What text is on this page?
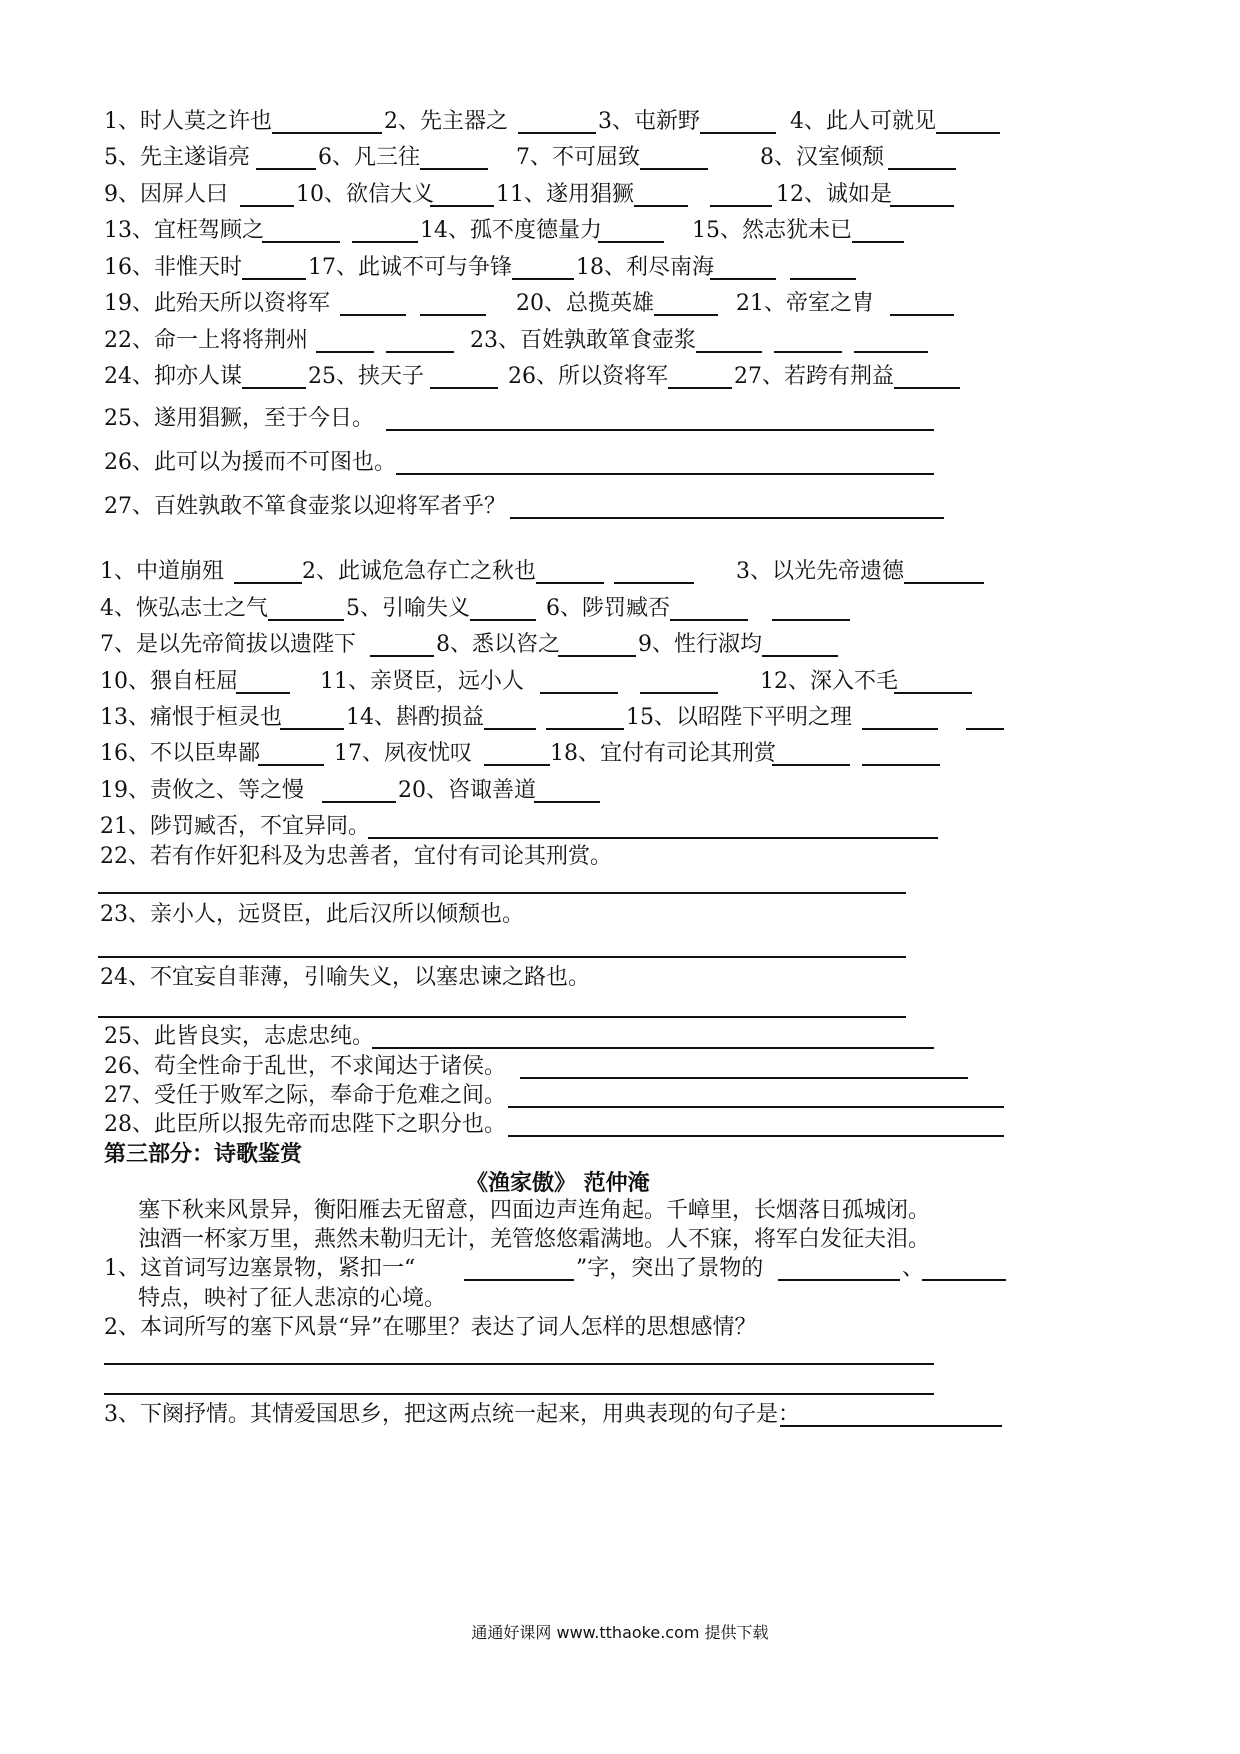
1、时人莫之许也	2、先主器之	3、屯新野	4、此人可就见
5、先主遂诣亮	6、凡三往	7、不可屈致	8、汉室倾颓
9、因屏人曰	10、欲信大义	11、遂用猖獗	12、诚如是
13、宜枉驾顾之	14、孤不度德量力	15、然志犹未已
16、非惟天时	17、此诚不可与争锋	18、利尽南海
19、此殆天所以资将军	20、总揽英雄	21、帝室之胄
22、命一上将将荆州	23、百姓孰敢箪食壶浆
24、抑亦人谋	25、挟天子	26、所以资将军	27、若跨有荆益
25、遂用猖獗，至于今日。
26、此可以为援而不可图也。
27、百姓孰敢不箪食壶浆以迎将军者乎？
1、中道崩殂	2、此诚危急存亡之秋也	3、以光先帝遗德
4、恢弘志士之气	5、引喻失义	6、陟罚臧否
7、是以先帝简拔以遗陛下	8、悉以咨之	9、性行淑均
10、猥自枉屈	11、亲贤臣，远小人	12、深入不毛
13、痛恨于桓灵也	14、斟酌损益	15、以昭陛下平明之理
16、不以臣卑鄙	17、夙夜忧叹	18、宜付有司论其刑赏
19、责攸之、等之慢	20、咨诹善道
21、陟罚臧否，不宜异同。
22、若有作奸犯科及为忠善者，宜付有司论其刑赏。
23、亲小人，远贤臣，此后汉所以倾颓也。
24、不宜妄自菲薄，引喻失义，以塞忠谏之路也。
25、此皆良实，志虑忠纯。
26、苟全性命于乱世，不求闻达于诸侯。
27、受任于败军之际，奉命于危难之间。
28、此臣所以报先帝而忠陛下之职分也。
第三部分：诗歌鉴赏
《渔家傲》 范仲淹
塞下秋来风景异，衡阳雁去无留意，四面边声连角起。千嶂里，长烟落日孤城闭。
浊酒一杯家万里，燕然未勒归无计，羌管悠悠霜满地。人不寐，将军白发征夫泪。
1、这首词写边塞景物，紧扣一“	”字，突出了景物的	、
特点，映衬了征人悲凉的心境。
2、本词所写的塞下风景“异”在哪里？表达了词人怎样的思想感情？
3、下阕抒情。其情爱国思乡，把这两点统一起来，用典表现的句子是：
通通好课网 www.tthaoke.com 提供下载
